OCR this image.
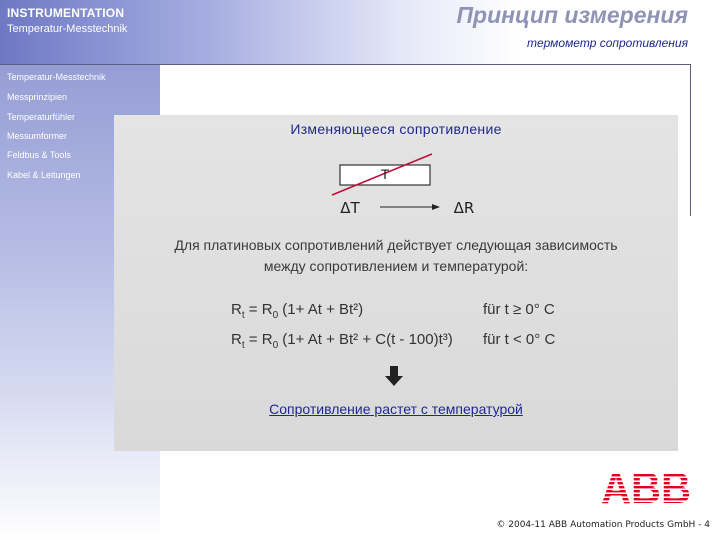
INSTRUMENTATION
Temperatur-Messtechnik
Принцип измерения
термометр сопротивления
Temperatur-Messtechnik
Messprinzipien
Temperaturfühler
Messumformer
Feldbus & Tools
Kabel & Leitungen
Изменяющееся сопротивление
T
ΔT	ΔR
Для платиновых сопротивлений действует следующая зависимость
между сопротивлением и температурой:
$R_t = R_0$ (1+ At + Bt²)	für t ≥ 0° C
$R_t = R_0$ (1+ At + Bt² + C(t - 100)t³) für t < 0° C
Сопротивление растет с температурой
ABB
© 2004-11 ABB Automation Products GmbH - 4
